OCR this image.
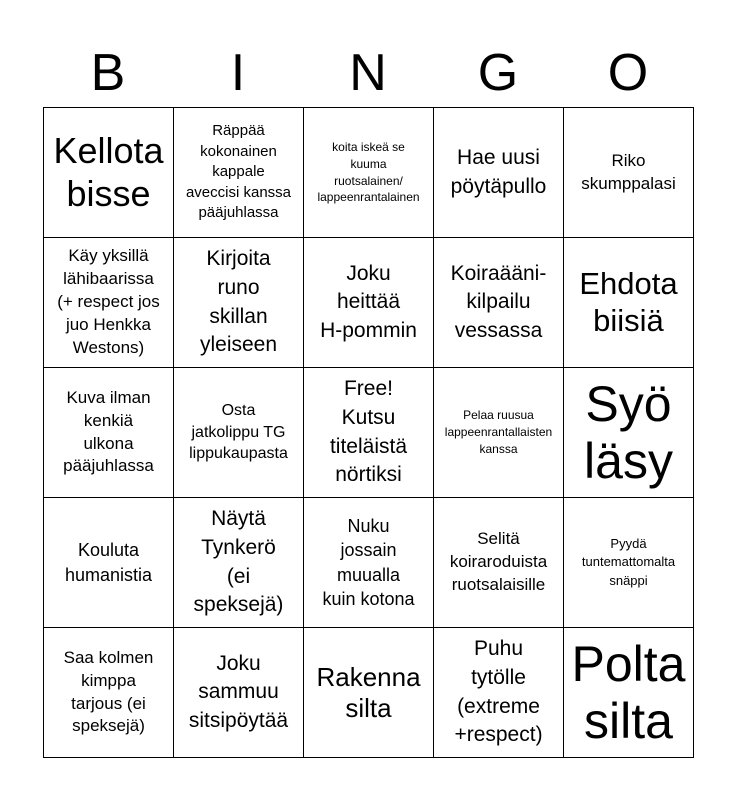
B	I	N	G	O
Kellota
bisse
Räppää
kokonainen
kappale
aveccisi kanssa
pääjuhlassa
koita iskeä se
kuuma
ruotsalainen/
lappeenrantalainen
Hae uusi
pöytäpullo
Riko
skumppalasi
Käy yksillä
lähibaarissa
(+ respect jos
juo Henkka
Westons)
Kirjoita
runo
skillan
yleiseen
Joku
heittää
H-pommin
Koiraääni-
kilpailu
vessassa
Ehdota
biisiä
Kuva ilman
kenkiä
ulkona
pääjuhlassa
Osta
jatkolippu TG
lippukaupasta
Free!
Kutsu
titeläistä
nörtiksi
Pelaa ruusua
lappeenrantallaisten
kanssa
Syö
läsy
Kouluta
humanistia
Näytä
Tynkerö
(ei
speksejä)
Nuku
jossain
muualla
kuin kotona
Selitä
koiraroduista
ruotsalaisille
Pyydä
tuntemattomalta
snäppi
Saa kolmen
kimppa
tarjous (ei
speksejä)
Joku
sammuu
sitsipöytää
Rakenna
silta
Puhu
tytölle
(extreme
+respect)
Polta
silta
